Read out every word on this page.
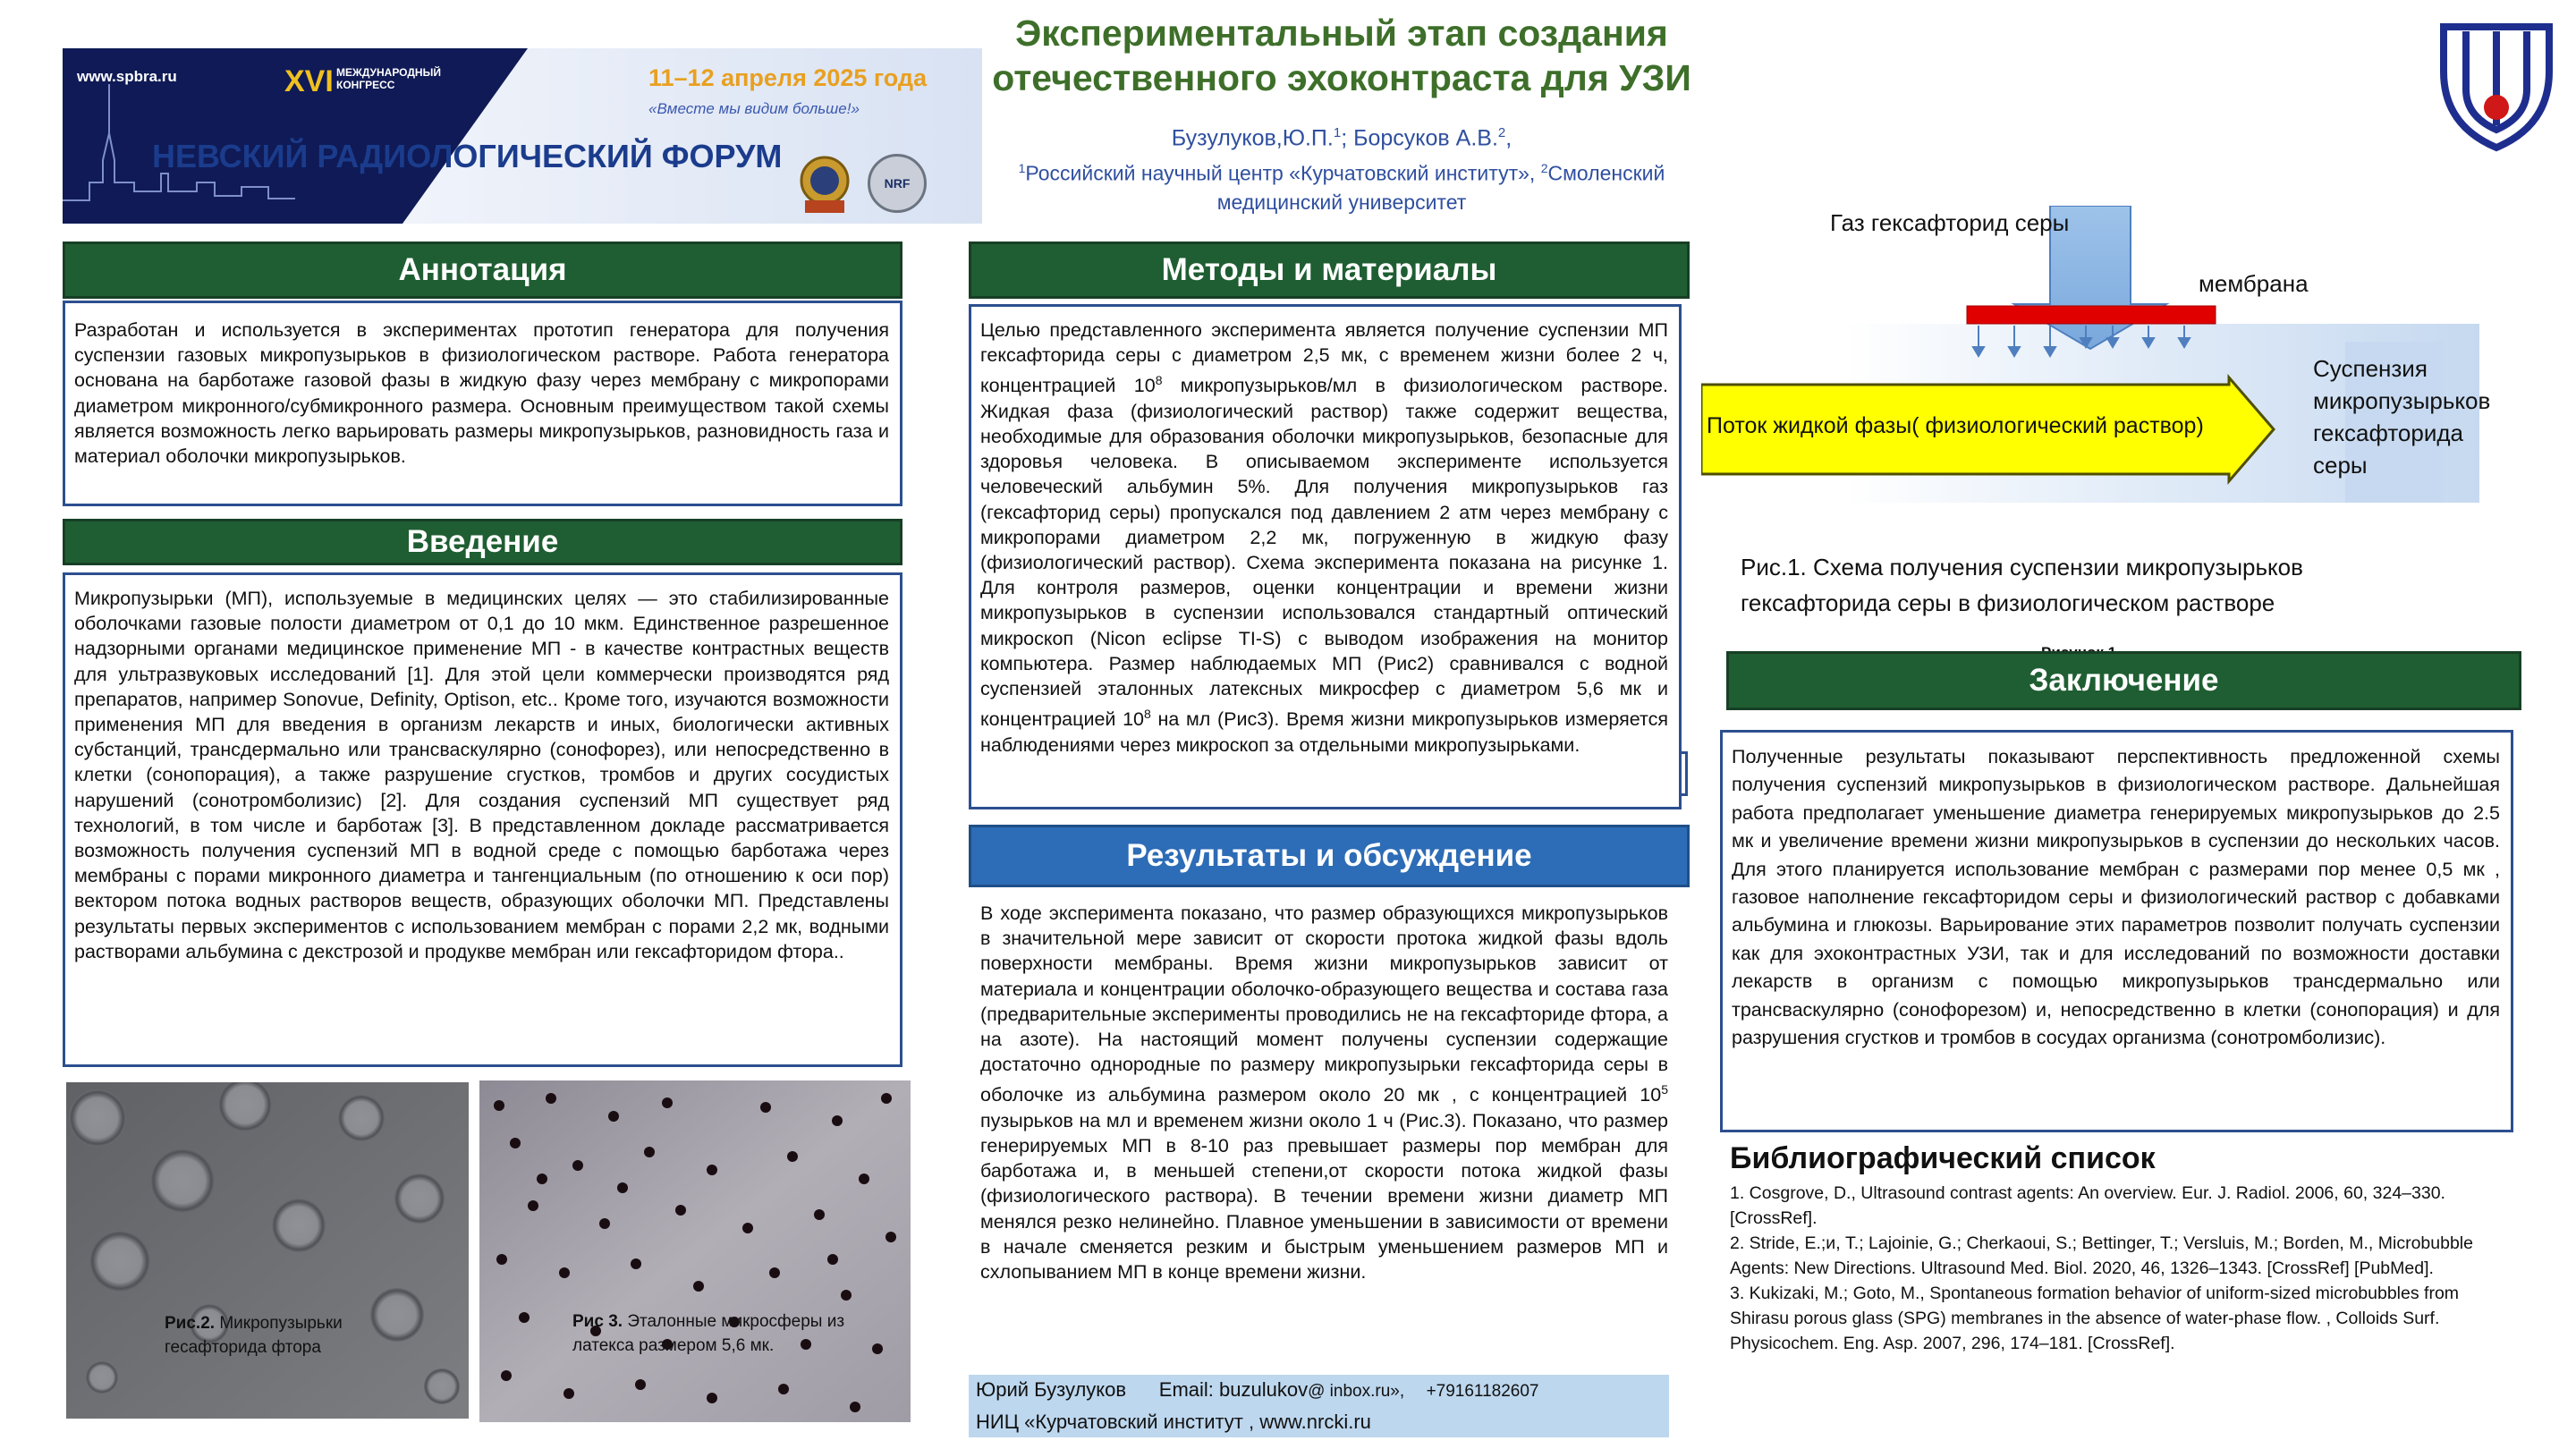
www.spbra.ru	XVI МЕЖДУНАРОДНЫЙ
КОНГРЕСС	11–12 апреля 2025 года
«Вместе мы видим больше!»
НЕВСКИЙ РАДИОЛОГИЧЕСКИЙ ФОРУМ
NRF
Экспериментальный этап создания
отечественного эхоконтраста для УЗИ
Бузулуков,Ю.П.$^1$; Борсуков А.В.$^2$,
$^1$Российский научный центр «Курчатовский институт», $^2$Смоленский
медицинский университет
Аннотация
Разработан и используется в экспериментах прототип генератора для получения суспензии газовых микропузырьков в физиологическом растворе. Работа генератора основана на барботаже газовой фазы в жидкую фазу через мембрану с микропорами диаметром микронного/субмикронного размера. Основным преимуществом такой схемы является возможность легко варьировать размеры микропузырьков, разновидность газа и материал оболочки микропузырьков.
Введение
Микропузырьки (МП), используемые в медицинских целях — это стабилизированные оболочками газовые полости диаметром от 0,1 до 10 мкм. Единственное разрешенное надзорными органами медицинское применение МП - в качестве контрастных веществ для ультразвуковых исследований [1]. Для этой цели коммерчески производятся ряд препаратов, например Sonovue, Definity, Optison, etc.. Кроме того, изучаются возможности применения МП для введения в организм лекарств и иных, биологически активных субстанций, трансдермально или трансваскулярно (сонофорез), или непосредственно в клетки (сонопорация), а также разрушение сгустков, тромбов и других сосудистых нарушений (сонотромболизис) [2]. Для создания суспензий МП существует ряд технологий, в том числе и барботаж [3]. В представленном докладе рассматривается возможность получения суспензий МП в водной среде с помощью барботажа через мембраны с порами микронного диаметра и тангенциальным (по отношению к оси пор) вектором потока водных растворов веществ, образующих оболочки МП. Представлены результаты первых экспериментов с использованием мембран с порами 2,2 мк, водными растворами альбумина с декстрозой и продукве мембран или гексафторидом фтора..
Рис.2. Микропузырьки гесафторида фтора
Рис 3. Эталонные микросферы из латекса размером 5,6 мк.
Методы и материалы
Целью представленного эксперимента является получение суспензии МП гексафторида серы с диаметром 2,5 мк, с временем жизни более 2 ч, концентрацией $10^8$ микропузырьков/мл в физиологическом растворе. Жидкая фаза (физиологический раствор) также содержит вещества, необходимые для образования оболочки микропузырьков, безопасные для здоровья человека. В описываемом эксперименте используется человеческий альбумин 5%. Для получения микропузырьков газ (гексафторид серы) пропускался под давлением 2 атм через мембрану с микропорами диаметром 2,2 мк, погруженную в жидкую фазу (физиологический раствор). Схема эксперимента показана на рисунке 1. Для контроля размеров, оценки концентрации и времени жизни микропузырьков в суспензии использовался стандартный оптический микроскоп (Nicon eclipse TI-S) с выводом изображения на монитор компьютера. Размер наблюдаемых МП (Рис2) сравнивался с водной суспензией эталонных латексных микросфер с диаметром 5,6 мк и концентрацией $10^8$ на мл (Рис3). Время жизни микропузырьков измеряется наблюдениями через микроскоп за отдельными микропузырьками.
Результаты и обсуждение
В ходе эксперимента показано, что размер образующихся микропузырьков в значительной мере зависит от скорости протока жидкой фазы вдоль поверхности мембраны. Время жизни микропузырьков зависит от материала и концентрации оболочко-образующего вещества и состава газа (предварительные эксперименты проводились не на гексафториде фтора, а на азоте). На настоящий момент получены суспензии содержащие достаточно однородные по размеру микропузырьки гексафторида серы в оболочке из альбумина размером около 20 мк , с концентрацией $10^5$ пузырьков на мл и временем жизни около 1 ч (Рис.3). Показано, что размер генерируемых МП в 8-10 раз превышает размеры пор мембран для барботажа и, в меньшей степени,от скорости потока жидкой фазы (физиологического раствора). В течении времени жизни диаметр МП менялся резко нелинейно. Плавное уменьшении в зависимости от времени в начале сменяется резким и быстрым уменьшением размеров МП и схлопыванием МП в конце времени жизни.
Юрий Бузулуков Email: buzulukov@ inbox.ru», +79161182607
НИЦ «Курчатовский институт , www.nrcki.ru
Газ гексафторид серы
мембрана
Поток жидкой фазы( физиологический раствор)
Суспензия
микропузырьков
гексафторида
серы
Рис.1. Схема получения суспензии микропузырьков
гексафторида серы в физиологическом растворе
Заключение
Полученные результаты показывают перспективность предложенной схемы получения суспензий микропузырьков в физиологическом растворе. Дальнейшая работа предполагает уменьшение диаметра генерируемых микропузырьков до 2.5 мк и увеличение времени жизни микропузырьков в суспензии до нескольких часов. Для этого планируется использование мембран с размерами пор менее 0,5 мк , газовое наполнение гексафторидом серы и физиологический раствор с добавками альбумина и глюкозы. Варьирование этих параметров позволит получать суспензии как для эхоконтрастных УЗИ, так и для исследований по возможности доставки лекарств в организм с помощью микропузырьков трансдермально или трансваскулярно (сонофорезом) и, непосредственно в клетки (сонопорация) и для разрушения сгустков и тромбов в сосудах организма (сонотромболизис).
Библиографический список

1. Cosgrove, D., Ultrasound contrast agents: An overview. Eur. J. Radiol. 2006, 60, 324–330. [CrossRef].

2. Stride, E.;и, T.; Lajoinie, G.; Cherkaoui, S.; Bettinger, T.; Versluis, M.; Borden, M., Microbubble Agents: New Directions. Ultrasound Med. Biol. 2020, 46, 1326–1343. [CrossRef] [PubMed].

3. Kukizaki, M.; Goto, M., Spontaneous formation behavior of uniform-sized microbubbles from Shirasu porous glass (SPG) membranes in the absence of water-phase flow. , Colloids Surf. Physicochem. Eng. Asp. 2007, 296, 174–181. [CrossRef].
